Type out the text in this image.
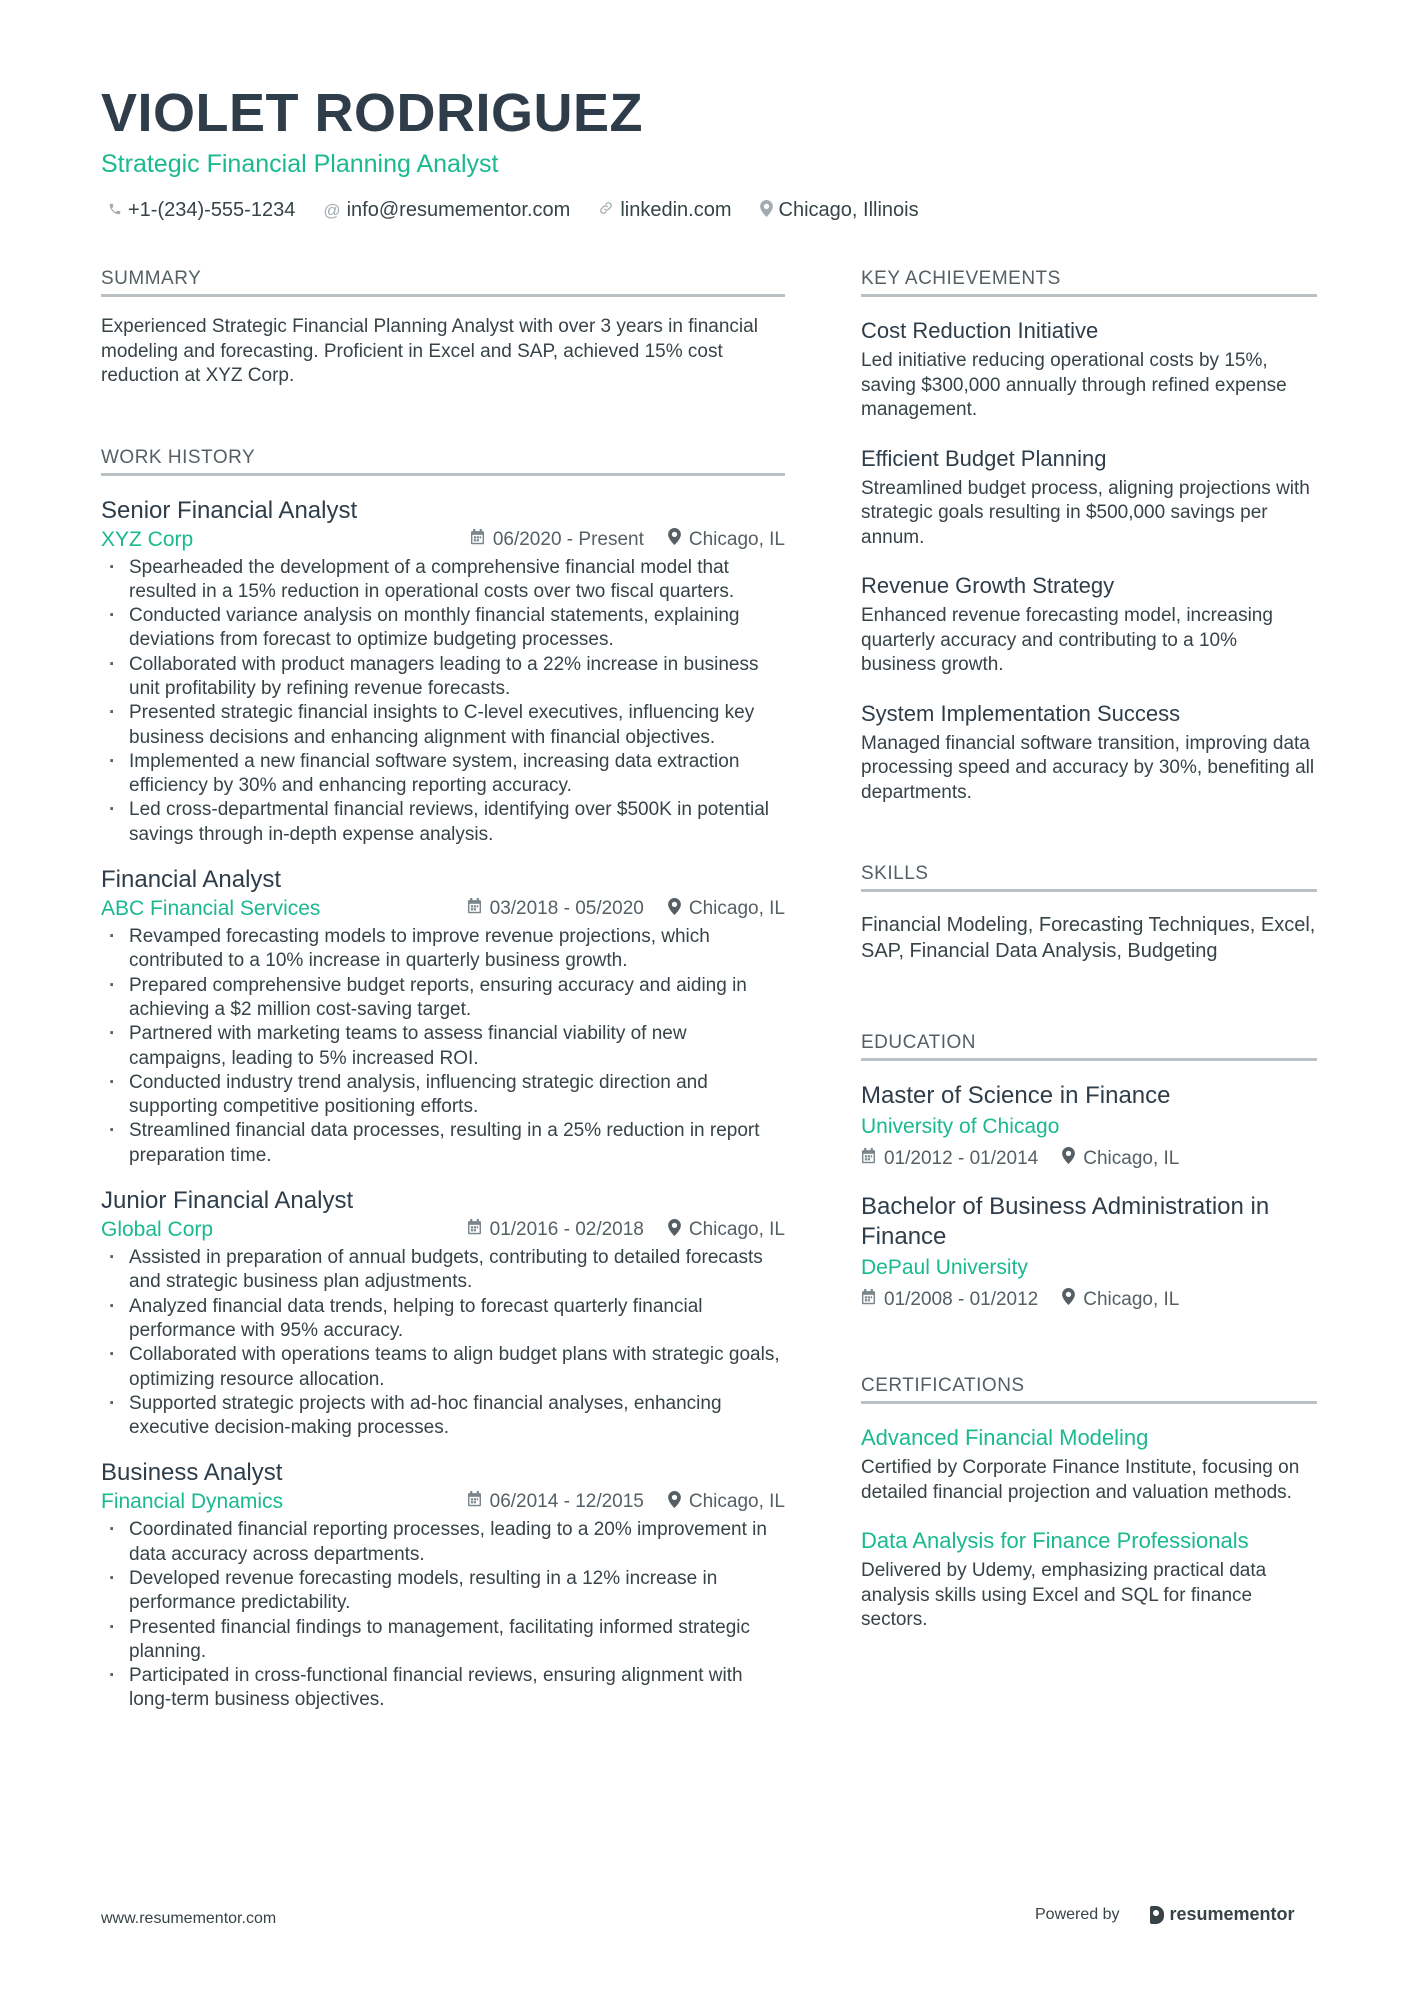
VIOLET RODRIGUEZ
Strategic Financial Planning Analyst
+1-(234)-555-1234 @ info@resumementor.com	linkedin.com Chicago, Illinois
SUMMARY
Experienced Strategic Financial Planning Analyst with over 3 years in financial modeling and forecasting. Proficient in Excel and SAP, achieved 15% cost reduction at XYZ Corp.
WORK HISTORY
Senior Financial Analyst
XYZ Corp	06/2020 - Present Chicago, IL
· Spearheaded the development of a comprehensive financial model that resulted in a 15% reduction in operational costs over two fiscal quarters.
· Conducted variance analysis on monthly financial statements, explaining deviations from forecast to optimize budgeting processes.
· Collaborated with product managers leading to a 22% increase in business unit profitability by refining revenue forecasts.
· Presented strategic financial insights to C-level executives, influencing key business decisions and enhancing alignment with financial objectives.
· Implemented a new financial software system, increasing data extraction efficiency by 30% and enhancing reporting accuracy.
· Led cross-departmental financial reviews, identifying over $500K in potential savings through in-depth expense analysis.
Financial Analyst
ABC Financial Services	03/2018 - 05/2020 Chicago, IL
· Revamped forecasting models to improve revenue projections, which contributed to a 10% increase in quarterly business growth.
· Prepared comprehensive budget reports, ensuring accuracy and aiding in achieving a $2 million cost-saving target.
· Partnered with marketing teams to assess financial viability of new campaigns, leading to 5% increased ROI.
· Conducted industry trend analysis, influencing strategic direction and supporting competitive positioning efforts.
· Streamlined financial data processes, resulting in a 25% reduction in report preparation time.
Junior Financial Analyst
Global Corp	01/2016 - 02/2018 Chicago, IL
· Assisted in preparation of annual budgets, contributing to detailed forecasts and strategic business plan adjustments.
· Analyzed financial data trends, helping to forecast quarterly financial performance with 95% accuracy.
· Collaborated with operations teams to align budget plans with strategic goals, optimizing resource allocation.
· Supported strategic projects with ad-hoc financial analyses, enhancing executive decision-making processes.
Business Analyst
Financial Dynamics	06/2014 - 12/2015 Chicago, IL
· Coordinated financial reporting processes, leading to a 20% improvement in data accuracy across departments.
· Developed revenue forecasting models, resulting in a 12% increase in performance predictability.
· Presented financial findings to management, facilitating informed strategic planning.
· Participated in cross-functional financial reviews, ensuring alignment with long-term business objectives.
KEY ACHIEVEMENTS
Cost Reduction Initiative
Led initiative reducing operational costs by 15%, saving $300,000 annually through refined expense management.
Efficient Budget Planning
Streamlined budget process, aligning projections with strategic goals resulting in $500,000 savings per annum.
Revenue Growth Strategy
Enhanced revenue forecasting model, increasing quarterly accuracy and contributing to a 10% business growth.
System Implementation Success
Managed financial software transition, improving data processing speed and accuracy by 30%, benefiting all departments.
SKILLS
Financial Modeling, Forecasting Techniques, Excel, SAP, Financial Data Analysis, Budgeting
EDUCATION
Master of Science in Finance
University of Chicago
01/2012 - 01/2014 Chicago, IL
Bachelor of Business Administration in Finance
DePaul University
01/2008 - 01/2012 Chicago, IL
CERTIFICATIONS
Advanced Financial Modeling
Certified by Corporate Finance Institute, focusing on detailed financial projection and valuation methods.
Data Analysis for Finance Professionals
Delivered by Udemy, emphasizing practical data analysis skills using Excel and SQL for finance sectors.
www.resumementor.com	Powered by	resumementor
